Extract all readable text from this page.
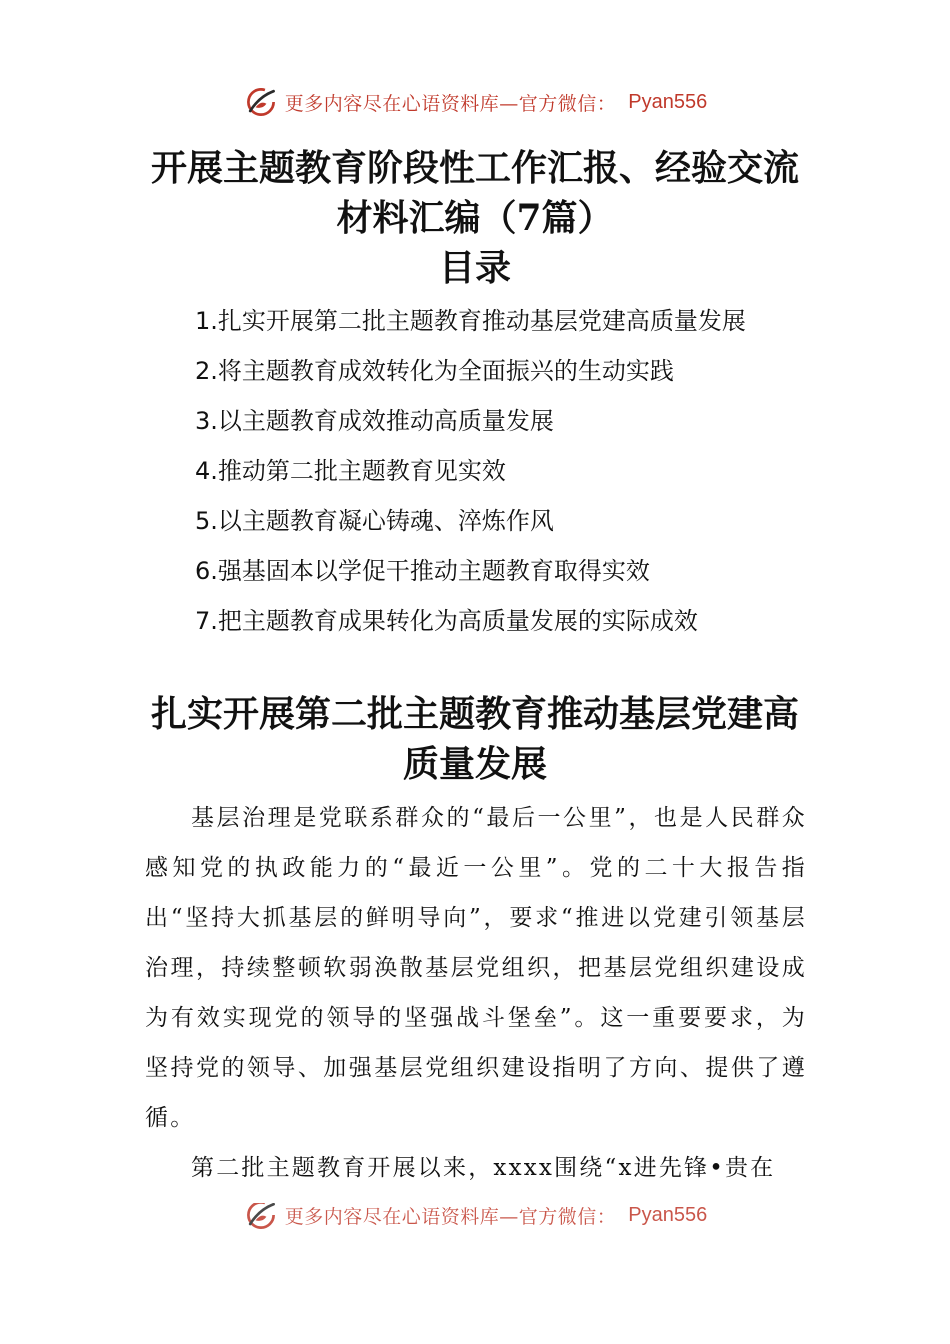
更多内容尽在心语资料库—官方微信： Pyan556
开展主题教育阶段性工作汇报、经验交流
材料汇编（7篇）
目录
1.扎实开展第二批主题教育推动基层党建高质量发展
2.将主题教育成效转化为全面振兴的生动实践
3.以主题教育成效推动高质量发展
4.推动第二批主题教育见实效
5.以主题教育凝心铸魂、淬炼作风
6.强基固本以学促干推动主题教育取得实效
7.把主题教育成果转化为高质量发展的实际成效
扎实开展第二批主题教育推动基层党建高
质量发展

基层治理是党联系群众的“最后一公里”，也是人民群众感知党的执政能力的“最近一公里”。党的二十大报告指出“坚持大抓基层的鲜明导向”，要求“推进以党建引领基层治理，持续整顿软弱涣散基层党组织，把基层党组织建设成为有效实现党的领导的坚强战斗堡垒”。这一重要要求，为坚持党的领导、加强基层党组织建设指明了方向、提供了遵循。

第二批主题教育开展以来，xxxx围绕“x进先锋•贵在

更多内容尽在心语资料库—官方微信： Pyan556
